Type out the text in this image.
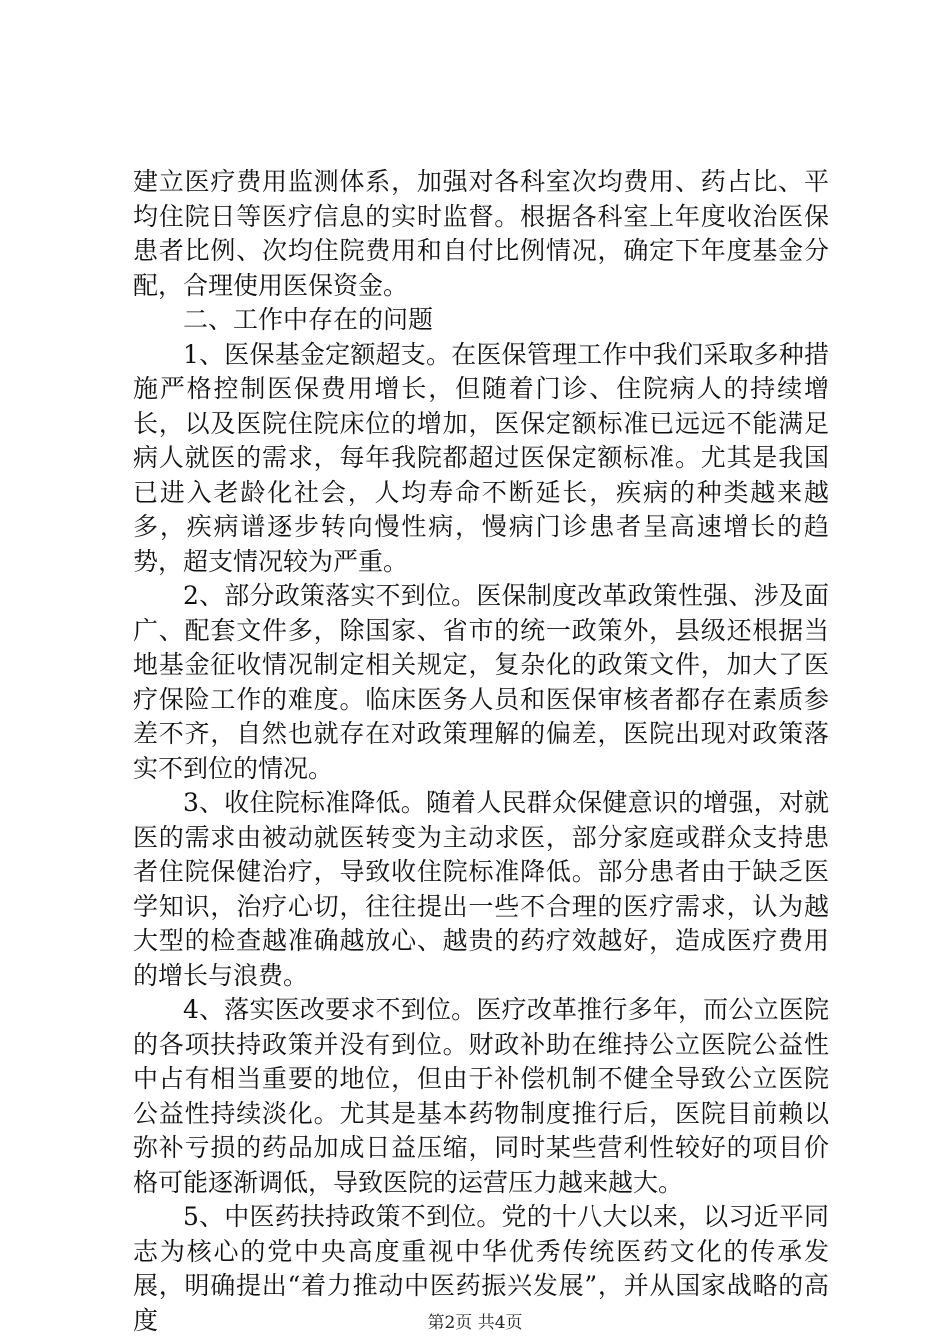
建立医疗费用监测体系，加强对各科室次均费用、药占比、平均住院日等医疗信息的实时监督。根据各科室上年度收治医保患者比例、次均住院费用和自付比例情况，确定下年度基金分配，合理使用医保资金。

二、工作中存在的问题

1、医保基金定额超支。在医保管理工作中我们采取多种措施严格控制医保费用增长，但随着门诊、住院病人的持续增长，以及医院住院床位的增加，医保定额标准已远远不能满足病人就医的需求，每年我院都超过医保定额标准。尤其是我国已进入老龄化社会，人均寿命不断延长，疾病的种类越来越多，疾病谱逐步转向慢性病，慢病门诊患者呈高速增长的趋势，超支情况较为严重。

2、部分政策落实不到位。医保制度改革政策性强、涉及面广、配套文件多，除国家、省市的统一政策外，县级还根据当地基金征收情况制定相关规定，复杂化的政策文件，加大了医疗保险工作的难度。临床医务人员和医保审核者都存在素质参差不齐，自然也就存在对政策理解的偏差，医院出现对政策落实不到位的情况。

3、收住院标准降低。随着人民群众保健意识的增强，对就医的需求由被动就医转变为主动求医，部分家庭或群众支持患者住院保健治疗，导致收住院标准降低。部分患者由于缺乏医学知识，治疗心切，往往提出一些不合理的医疗需求，认为越大型的检查越准确越放心、越贵的药疗效越好，造成医疗费用的增长与浪费。

4、落实医改要求不到位。医疗改革推行多年，而公立医院的各项扶持政策并没有到位。财政补助在维持公立医院公益性中占有相当重要的地位，但由于补偿机制不健全导致公立医院公益性持续淡化。尤其是基本药物制度推行后，医院目前赖以弥补亏损的药品加成日益压缩，同时某些营利性较好的项目价格可能逐渐调低，导致医院的运营压力越来越大。

5、中医药扶持政策不到位。党的十八大以来，以习近平同志为核心的党中央高度重视中华优秀传统医药文化的传承发展，明确提出“着力推动中医药振兴发展”，并从国家战略的高度	第2页 共4页
